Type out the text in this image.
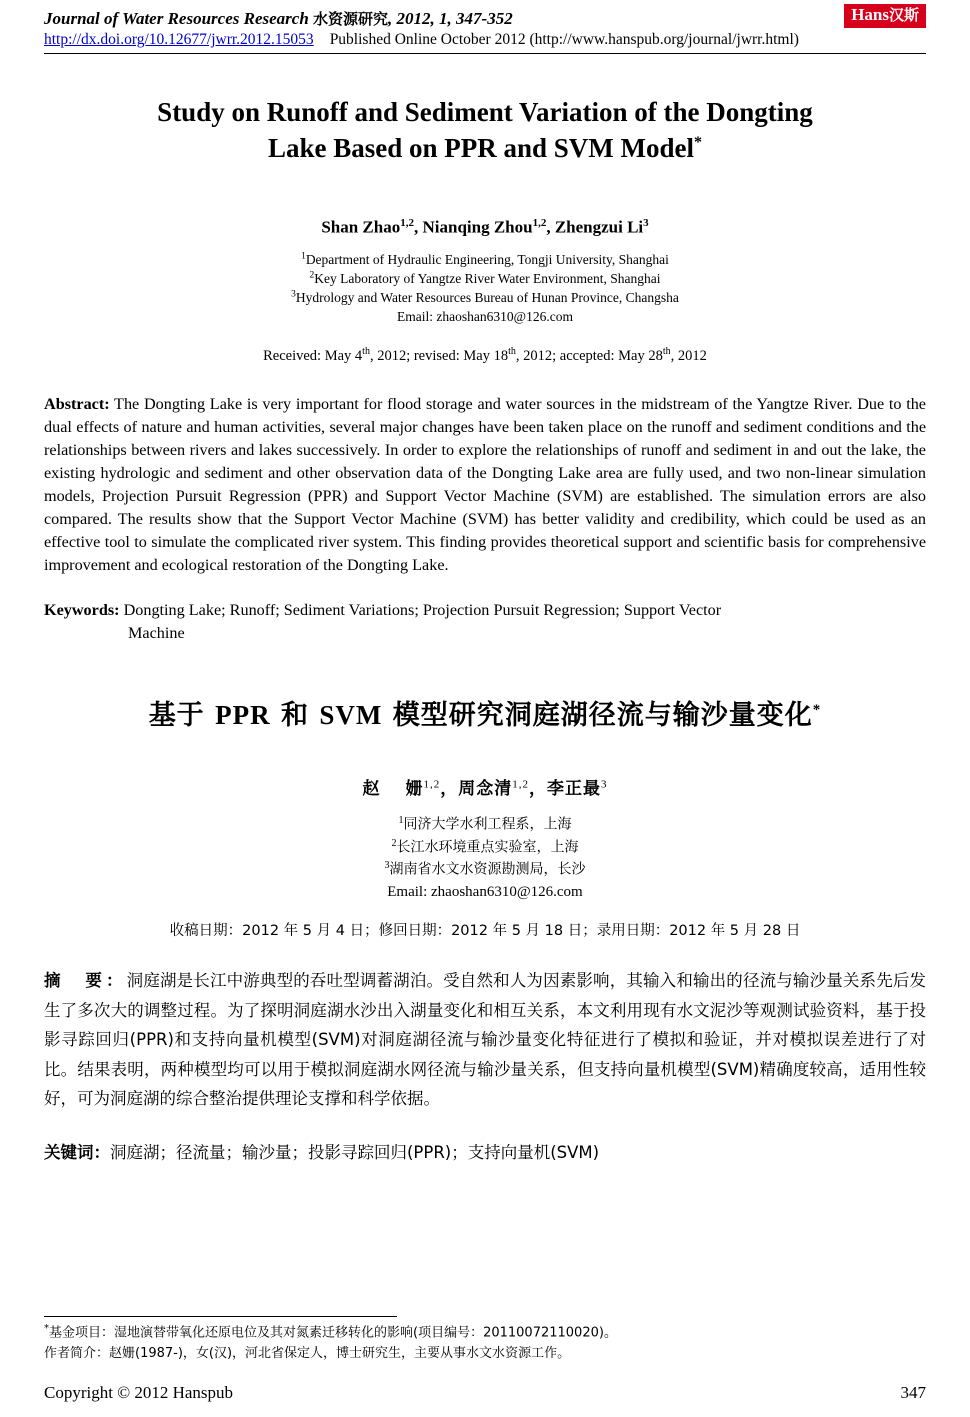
Journal of Water Resources Research 水资源研究, 2012, 1, 347-352
http://dx.doi.org/10.12677/jwrr.2012.15053 Published Online October 2012 (http://www.hanspub.org/journal/jwrr.html)
Hans汉斯
Study on Runoff and Sediment Variation of the Dongting
Lake Based on PPR and SVM Model*
Shan Zhao$^{1,2}$, Nianqing Zhou$^{1,2}$, Zhengzui Li$^3$
$^1$Department of Hydraulic Engineering, Tongji University, Shanghai
$^2$Key Laboratory of Yangtze River Water Environment, Shanghai
$^3$Hydrology and Water Resources Bureau of Hunan Province, Changsha
Email: zhaoshan6310@126.com
Received: May 4th, 2012; revised: May 18th, 2012; accepted: May 28th, 2012
Abstract: The Dongting Lake is very important for flood storage and water sources in the midstream of the Yangtze River. Due to the dual effects of nature and human activities, several major changes have been taken place on the runoff and sediment conditions and the relationships between rivers and lakes successively. In order to explore the relationships of runoff and sediment in and out the lake, the existing hydrologic and sediment and other observation data of the Dongting Lake area are fully used, and two non-linear simulation models, Projection Pursuit Regression (PPR) and Support Vector Machine (SVM) are established. The simulation errors are also compared. The results show that the Support Vector Machine (SVM) has better validity and credibility, which could be used as an effective tool to simulate the complicated river system. This finding provides theoretical support and scientific basis for comprehensive improvement and ecological restoration of the Dongting Lake.
Keywords: Dongting Lake; Runoff; Sediment Variations; Projection Pursuit Regression; Support Vector
Machine
基于 PPR 和 SVM 模型研究洞庭湖径流与输沙量变化*
赵　 姗$^{1,2}$，周念清$^{1,2}$，李正最$^3$
$^1$同济大学水利工程系，上海
$^2$长江水环境重点实验室，上海
$^3$湖南省水文水资源勘测局，长沙
Email: zhaoshan6310@126.com
收稿日期：2012 年 5 月 4 日；修回日期：2012 年 5 月 18 日；录用日期：2012 年 5 月 28 日
摘　要：洞庭湖是长江中游典型的吞吐型调蓄湖泊。受自然和人为因素影响，其输入和输出的径流与输沙量关系先后发生了多次大的调整过程。为了探明洞庭湖水沙出入湖量变化和相互关系，本文利用现有水文泥沙等观测试验资料，基于投影寻踪回归(PPR)和支持向量机模型(SVM)对洞庭湖径流与输沙量变化特征进行了模拟和验证，并对模拟误差进行了对比。结果表明，两种模型均可以用于模拟洞庭湖水网径流与输沙量关系，但支持向量机模型(SVM)精确度较高，适用性较好，可为洞庭湖的综合整治提供理论支撑和科学依据。
关键词：洞庭湖；径流量；输沙量；投影寻踪回归(PPR)；支持向量机(SVM)
*基金项目：湿地演替带氧化还原电位及其对氮素迁移转化的影响(项目编号：20110072110020)。
作者简介：赵姗(1987-)，女(汉)，河北省保定人，博士研究生，主要从事水文水资源工作。
Copyright © 2012 Hanspub	347
